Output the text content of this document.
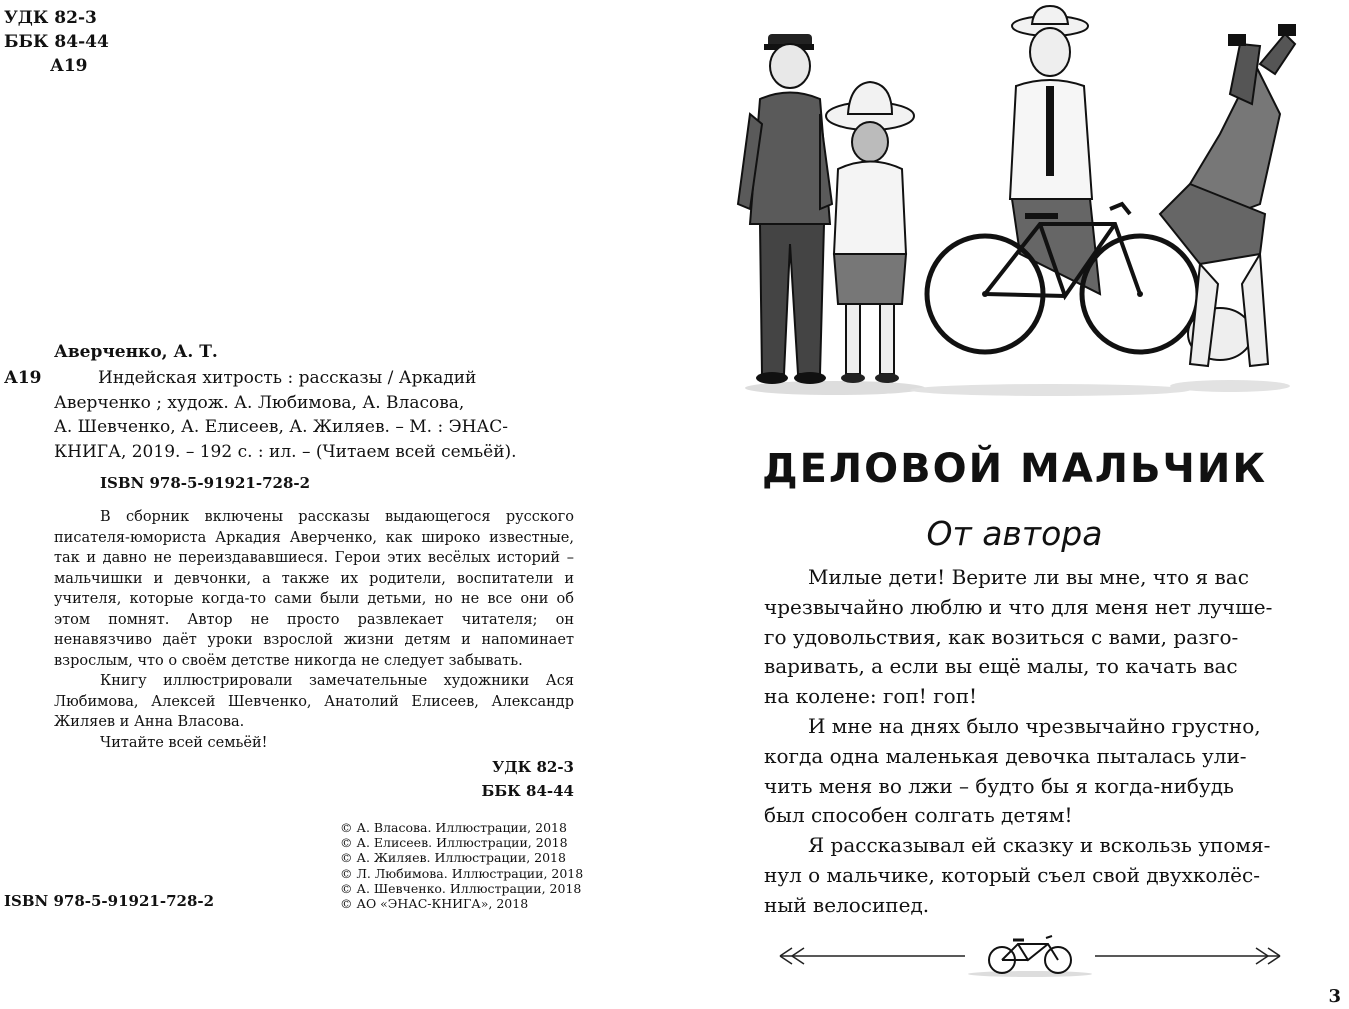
УДК 82-3
ББК 84-44
А19
Аверченко, А. Т.
А19	Индейская хитрость : рассказы / Аркадий
Аверченко ; худож. А. Любимова, А. Власова,
А. Шевченко, А. Елисеев, А. Жиляев. – М. : ЭНАС-
КНИГА, 2019. – 192 с. : ил. – (Читаем всей семьёй).
ISBN 978-5-91921-728-2

В сборник включены рассказы выдающегося русского писателя-юмориста Аркадия Аверченко, как широко известные, так и давно не переиздававшиеся. Герои этих весёлых историй – мальчишки и девчонки, а также их родители, воспитатели и учителя, которые когда-то сами были детьми, но не все они об этом помнят. Автор не просто развлекает читателя; он ненавязчиво даёт уроки взрослой жизни детям и напоминает взрослым, что о своём детстве никогда не следует забывать.

Книгу иллюстрировали замечательные художники Ася Любимова, Алексей Шевченко, Анатолий Елисеев, Александр Жиляев и Анна Власова.

Читайте всей семьёй!

УДК 82-3
ББК 84-44
© А. Власова. Иллюстрации, 2018
© А. Елисеев. Иллюстрации, 2018
© А. Жиляев. Иллюстрации, 2018
© Л. Любимова. Иллюстрации, 2018
© А. Шевченко. Иллюстрации, 2018
© АО «ЭНАС-КНИГА», 2018
ISBN 978-5-91921-728-2
ДЕЛОВОЙ МАЛЬЧИК
От автора
Милые дети! Верите ли вы мне, что я вас
чрезвычайно люблю и что для меня нет лучше-
го удовольствия, как возиться с вами, разго-
варивать, а если вы ещё малы, то качать вас
на колене: гоп! гоп!
И мне на днях было чрезвычайно грустно,
когда одна маленькая девочка пыталась ули-
чить меня во лжи – будто бы я когда-нибудь
был способен солгать детям!
Я рассказывал ей сказку и вскользь упомя-
нул о мальчике, который съел свой двухколёс-
ный велосипед.
3
